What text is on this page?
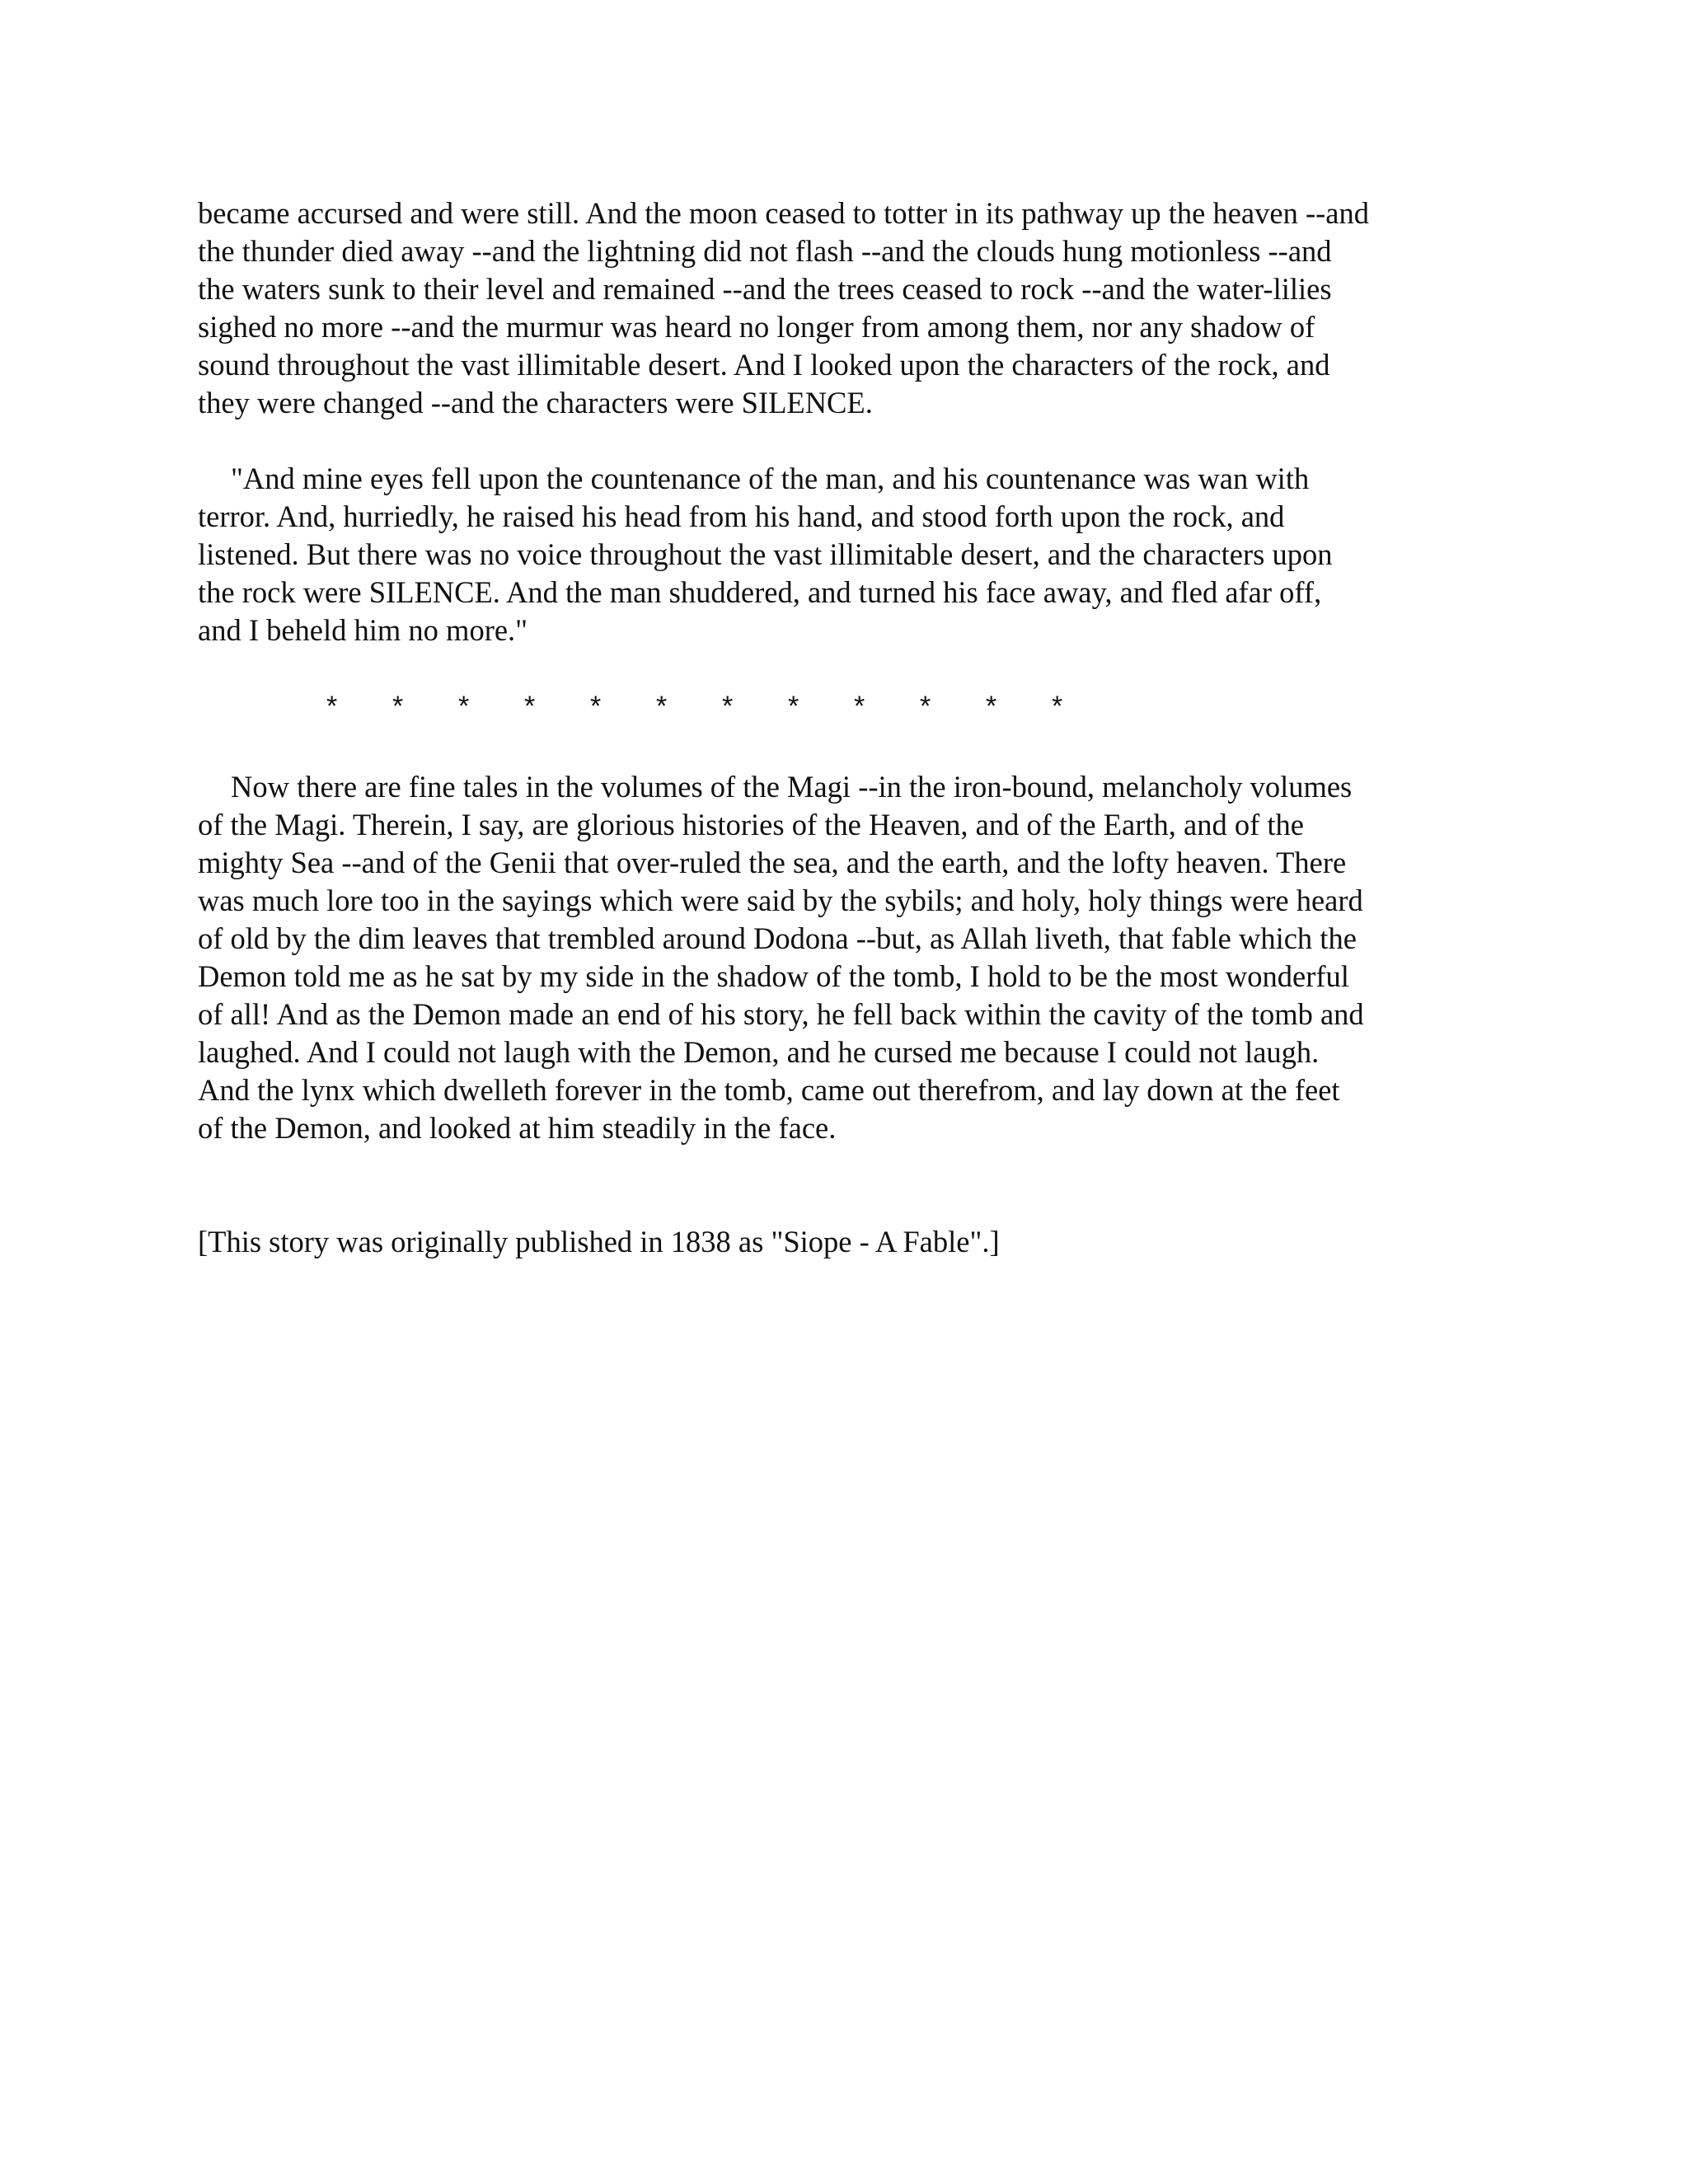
became accursed and were still. And the moon ceased to totter in its pathway up the heaven --and
the thunder died away --and the lightning did not flash --and the clouds hung motionless --and
the waters sunk to their level and remained --and the trees ceased to rock --and the water-lilies
sighed no more --and the murmur was heard no longer from among them, nor any shadow of
sound throughout the vast illimitable desert. And I looked upon the characters of the rock, and
they were changed --and the characters were SILENCE.
"And mine eyes fell upon the countenance of the man, and his countenance was wan with
terror. And, hurriedly, he raised his head from his hand, and stood forth upon the rock, and
listened. But there was no voice throughout the vast illimitable desert, and the characters upon
the rock were SILENCE. And the man shuddered, and turned his face away, and fled afar off,
and I beheld him no more."
*	*	*	*	*	*	*	*	*	*	*	*
Now there are fine tales in the volumes of the Magi --in the iron-bound, melancholy volumes
of the Magi. Therein, I say, are glorious histories of the Heaven, and of the Earth, and of the
mighty Sea --and of the Genii that over-ruled the sea, and the earth, and the lofty heaven. There
was much lore too in the sayings which were said by the sybils; and holy, holy things were heard
of old by the dim leaves that trembled around Dodona --but, as Allah liveth, that fable which the
Demon told me as he sat by my side in the shadow of the tomb, I hold to be the most wonderful
of all! And as the Demon made an end of his story, he fell back within the cavity of the tomb and
laughed. And I could not laugh with the Demon, and he cursed me because I could not laugh.
And the lynx which dwelleth forever in the tomb, came out therefrom, and lay down at the feet
of the Demon, and looked at him steadily in the face.
[This story was originally published in 1838 as "Siope - A Fable".]
